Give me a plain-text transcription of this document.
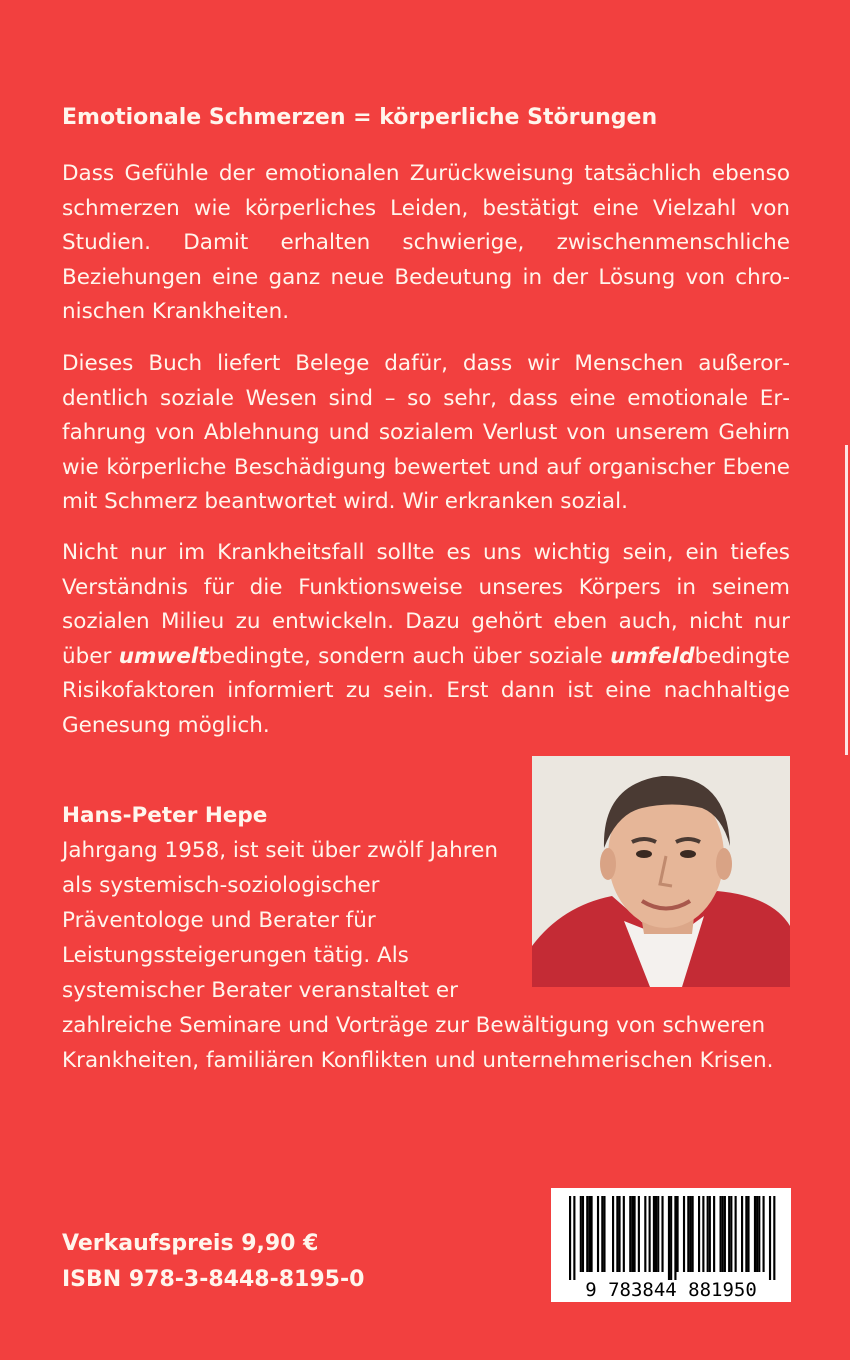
Emotionale Schmerzen = körperliche Störungen
Dass Gefühle der emotionalen Zurückweisung tatsächlich ebenso schmerzen wie körperliches Leiden, bestätigt eine Vielzahl von Studien. Damit erhalten schwierige, zwischenmenschliche Beziehungen eine ganz neue Bedeutung in der Lösung von chronischen Krankheiten.
Dieses Buch liefert Belege dafür, dass wir Menschen außerordentlich soziale Wesen sind – so sehr, dass eine emotionale Erfahrung von Ablehnung und sozialem Verlust von unserem Gehirn wie körperliche Beschädigung bewertet und auf organischer Ebene mit Schmerz beantwortet wird. Wir erkranken sozial.
Nicht nur im Krankheitsfall sollte es uns wichtig sein, ein tiefes Verständnis für die Funktionsweise unseres Körpers in seinem sozialen Milieu zu entwickeln. Dazu gehört eben auch, nicht nur über umweltbedingte, sondern auch über soziale umfeldbedingte Risikofaktoren informiert zu sein. Erst dann ist eine nachhaltige Genesung möglich.
Hans-Peter Hepe
Jahrgang 1958, ist seit über zwölf Jahren als systemisch-soziologischer Präventologe und Berater für Leistungssteigerungen tätig. Als systemischer Berater veranstaltet er zahlreiche Seminare und Vorträge zur Bewältigung von schweren Krankheiten, familiären Konflikten und unternehmerischen Krisen.
Verkaufspreis 9,90 €
ISBN 978-3-8448-8195-0	9 783844 881950
